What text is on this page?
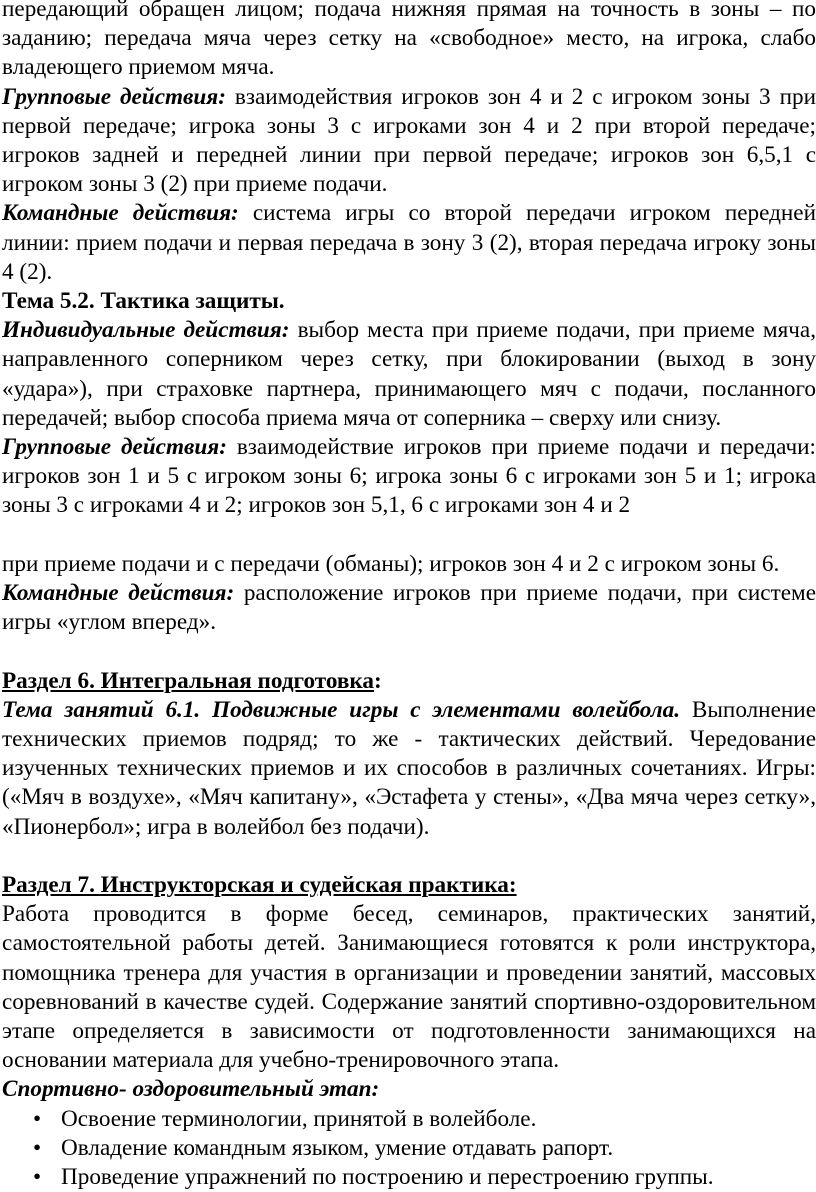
передающий обращен лицом; подача нижняя прямая на точность в зоны – по заданию; передача мяча через сетку на «свободное» место, на игрока, слабо владеющего приемом мяча.

Групповые действия: взаимодействия игроков зон 4 и 2 с игроком зоны 3 при первой передаче; игрока зоны 3 с игроками зон 4 и 2 при второй передаче; игроков задней и передней линии при первой передаче; игроков зон 6,5,1 с игроком зоны 3 (2) при приеме подачи.

Командные действия: система игры со второй передачи игроком передней линии: прием подачи и первая передача в зону 3 (2), вторая передача игроку зоны 4 (2).

Тема 5.2. Тактика защиты.

Индивидуальные действия: выбор места при приеме подачи, при приеме мяча, направленного соперником через сетку, при блокировании (выход в зону «удара»), при страховке партнера, принимающего мяч с подачи, посланного передачей; выбор способа приема мяча от соперника – сверху или снизу.

Групповые действия: взаимодействие игроков при приеме подачи и передачи: игроков зон 1 и 5 с игроком зоны 6; игрока зоны 6 с игроками зон 5 и 1; игрока зоны 3 с игроками 4 и 2; игроков зон 5,1, 6 с игроками зон 4 и 2

при приеме подачи и с передачи (обманы); игроков зон 4 и 2 с игроком зоны 6.

Командные действия: расположение игроков при приеме подачи, при системе игры «углом вперед».

Раздел 6. Интегральная подготовка:

Тема занятий 6.1. Подвижные игры с элементами волейбола. Выполнение технических приемов подряд; то же - тактических действий. Чередование изученных технических приемов и их способов в различных сочетаниях. Игры: («Мяч в воздухе», «Мяч капитану», «Эстафета у стены», «Два мяча через сетку», «Пионербол»; игра в волейбол без подачи).

Раздел 7. Инструкторская и судейская практика:

Работа проводится в форме бесед, семинаров, практических занятий, самостоятельной работы детей. Занимающиеся готовятся к роли инструктора, помощника тренера для участия в организации и проведении занятий, массовых соревнований в качестве судей. Содержание занятий спортивно-оздоровительном этапе определяется в зависимости от подготовленности занимающихся на основании материала для учебно-тренировочного этапа.

Спортивно- оздоровительный этап:

• Освоение терминологии, принятой в волейболе.
• Овладение командным языком, умение отдавать рапорт.
• Проведение упражнений по построению и перестроению группы.
